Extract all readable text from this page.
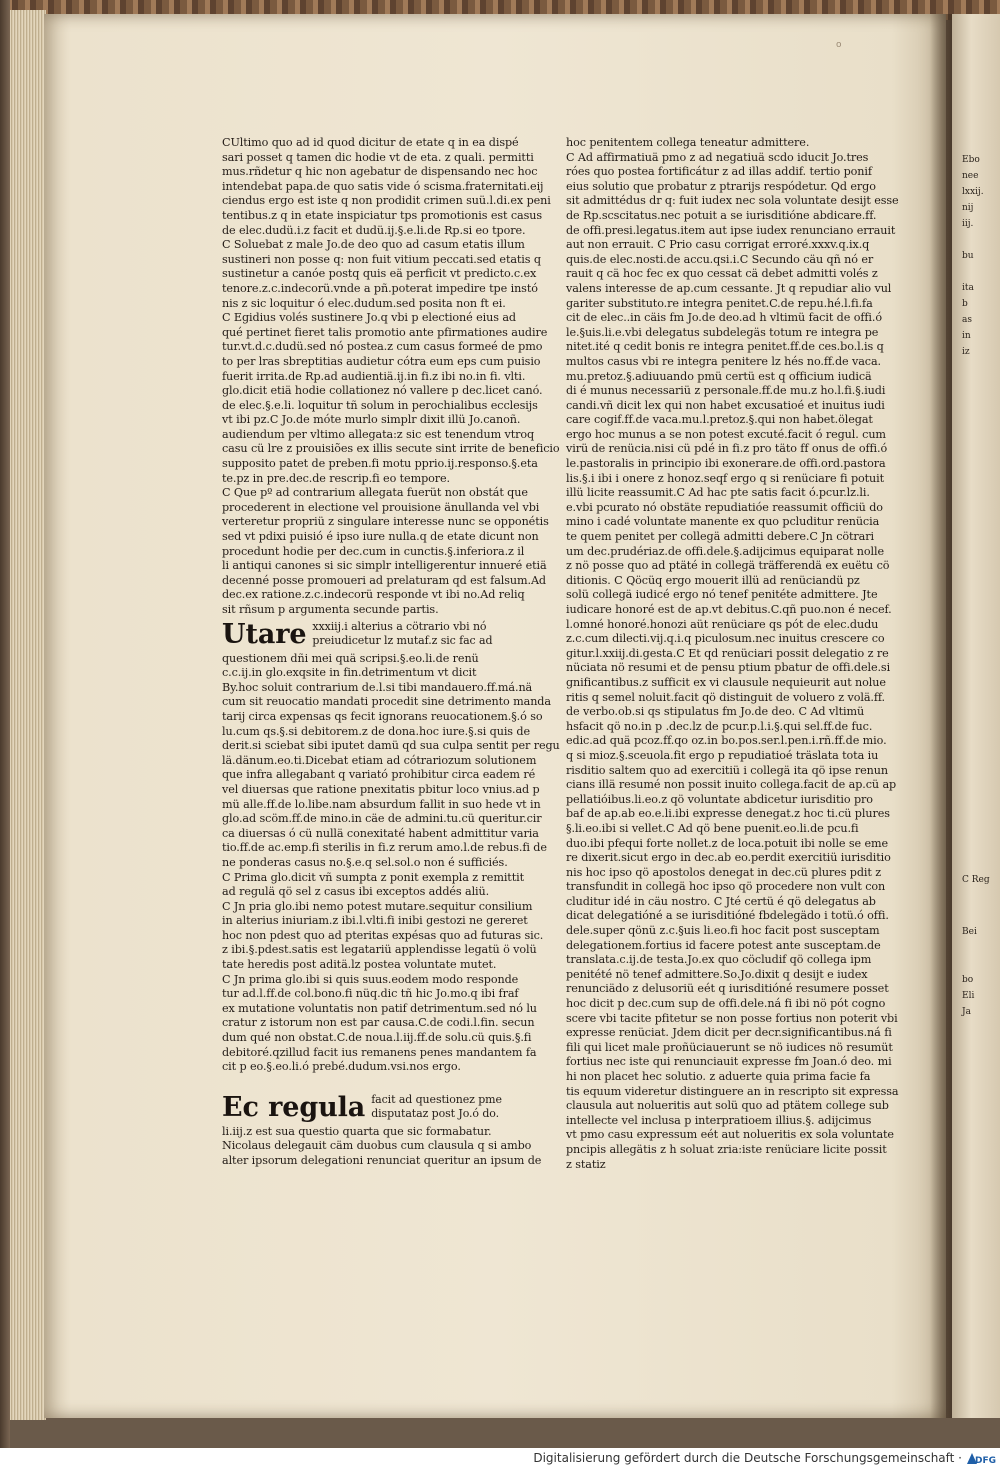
Ebo
nee
lxxij.
nij
iij.
bu
ita
b
as
in
iz
C Reg
Bei
bo
Eli
Ja
o
CUltimo quo ad id quod dicitur de etate q in ea dispé
sari posset q tamen dic hodie vt de eta. z quali. permitti
mus.rñdetur q hic non agebatur de dispensando nec hoc
intendebat papa.de quo satis vide ó scisma.fraternitati.eij
ciendus ergo est iste q non prodidit crimen suü.l.di.ex peni
tentibus.z q in etate inspiciatur tps promotionis est casus
de elec.dudü.i.z facit et dudü.ij.§.e.li.de Rp.si eo tpore.
C Soluebat z male Jo.de deo quo ad casum etatis illum
sustineri non posse q: non fuit vitium peccati.sed etatis q
sustinetur a canóe postq quis eä perficit vt predicto.c.ex
tenore.z.c.indecorü.vnde a pñ.poterat impedire tpe instó
nis z sic loquitur ó elec.dudum.sed posita non ft ei.
C Egidius volés sustinere Jo.q vbi p electioné eius ad
qué pertinet fieret talis promotio ante pfirmationes audire
tur.vt.d.c.dudü.sed nó postea.z cum casus formeé de pmo
to per lras sbreptitias audietur cótra eum eps cum puisio
fuerit irrita.de Rp.ad audientiä.ij.in fi.z ibi no.in fi. vlti.
glo.dicit etiä hodie collationez nó vallere p dec.licet canó.
de elec.§.e.li. loquitur tñ solum in perochialibus ecclesijs
vt ibi pz.C Jo.de móte murlo simplr dixit illü Jo.canoñ.
audiendum per vltimo allegata:z sic est tenendum vtroq
casu cü lre z prouisiões ex illis secute sint irrite de beneficio
supposito patet de preben.fi motu pprio.ij.responso.§.eta
te.pz in pre.dec.de rescrip.fi eo tempore.
C Que pº ad contrarium allegata fuerüt non obstát que
procederent in electione vel prouisione änullanda vel vbi
verteretur propriü z singulare interesse nunc se opponétis
sed vt pdixi puisió é ipso iure nulla.q de etate dicunt non
procedunt hodie per dec.cum in cunctis.§.inferiora.z il
li antiqui canones si sic simplr intelligerentur innueré etiä
decenné posse promoueri ad prelaturam qd est falsum.Ad
dec.ex ratione.z.c.indecorü responde vt ibi no.Ad reliq
sit rñsum p argumenta secunde partis.
Utare xxxiij.i alterius a cötrario vbi nó
preiudicetur lz mutaf.z sic fac ad
questionem dñi mei quä scripsi.§.eo.li.de renü
c.c.ij.in glo.exqsite in fin.detrimentum vt dicit
By.hoc soluit contrarium de.l.si tibi mandauero.ff.má.nä
cum sit reuocatio mandati procedit sine detrimento manda
tarij circa expensas qs fecit ignorans reuocationem.§.ó so
lu.cum qs.§.si debitorem.z de dona.hoc iure.§.si quis de
derit.si sciebat sibi iputet damü qd sua culpa sentit per regu
lä.dänum.eo.ti.Dicebat etiam ad cótrariozum solutionem
que infra allegabant q variató prohibitur circa eadem ré
vel diuersas que ratione pnexitatis pbitur loco vnius.ad p
mü alle.ff.de lo.libe.nam absurdum fallit in suo hede vt in
glo.ad scöm.ff.de mino.in cäe de admini.tu.cü queritur.cir
ca diuersas ó cü nullä conexitaté habent admittitur varia
tio.ff.de ac.emp.fi sterilis in fi.z rerum amo.l.de rebus.fi de
ne ponderas casus no.§.e.q sel.sol.o non é sufficiés.
C Prima glo.dicit vñ sumpta z ponit exempla z remittit
ad regulä qö sel z casus ibi exceptos addés aliü.
C Jn pria glo.ibi nemo potest mutare.sequitur consilium
in alterius iniuriam.z ibi.l.vlti.fi inibi gestozi ne gereret
hoc non pdest quo ad pteritas expésas quo ad futuras sic.
z ibi.§.pdest.satis est legatariü applendisse legatü ö volü
tate heredis post aditä.lz postea voluntate mutet.
C Jn prima glo.ibi si quis suus.eodem modo responde
tur ad.l.ff.de col.bono.fi nüq.dic tñ hic Jo.mo.q ibi fraf
ex mutatione voluntatis non patif detrimentum.sed nó lu
cratur z istorum non est par causa.C.de codi.l.fin. secun
dum qué non obstat.C.de noua.l.iij.ff.de solu.cü quis.§.fi
debitoré.qzillud facit ius remanens penes mandantem fa
cit p eo.§.eo.li.ó prebé.dudum.vsi.nos ergo.
Ec regula facit ad questionez pme
disputataz post Jo.ó do.
li.iij.z est sua questio quarta que sic formabatur.
Nicolaus delegauit cäm duobus cum clausula q si ambo
alter ipsorum delegationi renunciat queritur an ipsum de
hoc penitentem collega teneatur admittere.
C Ad affirmatiuä pmo z ad negatiuä scdo iducit Jo.tres
róes quo postea fortificátur z ad illas addif. tertio ponif
eius solutio que probatur z ptrarijs respódetur. Qd ergo
sit admittédus dr q: fuit iudex nec sola voluntate desijt esse
de Rp.scscitatus.nec potuit a se iurisditióne abdicare.ff.
de offi.presi.legatus.item aut ipse iudex renunciano errauit
aut non errauit. C Prio casu corrigat erroré.xxxv.q.ix.q
quis.de elec.nosti.de accu.qsi.i.C Secundo cäu qñ nó er
rauit q cä hoc fec ex quo cessat cä debet admitti volés z
valens interesse de ap.cum cessante. Jt q repudiar alio vul
gariter substituto.re integra penitet.C.de repu.hé.l.fi.fa
cit de elec..in cäis fm Jo.de deo.ad h vltimü facit de offi.ó
le.§uis.li.e.vbi delegatus subdelegäs totum re integra pe
nitet.ité q cedit bonis re integra penitet.ff.de ces.bo.l.is q
multos casus vbi re integra penitere lz hés no.ff.de vaca.
mu.pretoz.§.adiuuando pmü certü est q officium iudicä
di é munus necessariü z personale.ff.de mu.z ho.l.fi.§.iudi
candi.vñ dicit lex qui non habet excusatioé et inuitus iudi
care cogif.ff.de vaca.mu.l.pretoz.§.qui non habet.ölegat
ergo hoc munus a se non potest excuté.facit ó regul. cum
virü de renücia.nisi cü pdé in fi.z pro täto ff onus de offi.ó
le.pastoralis in principio ibi exonerare.de offi.ord.pastora
lis.§.i ibi i onere z honoz.seqf ergo q si renüciare fi potuit
illü licite reassumit.C Ad hac pte satis facit ó.pcur.lz.li.
e.vbi pcurato nó obstäte repudiatióe reassumit officiü do
mino i cadé voluntate manente ex quo pcluditur renücia
te quem penitet per collegä admitti debere.C Jn cötrari
um dec.prudériaz.de offi.dele.§.adijcimus equiparat nolle
z nö posse quo ad ptäté in collegä träfferendä ex euëtu cö
ditionis. C Qöcüq ergo mouerit illü ad renüciandü pz
solü collegä iudicé ergo nó tenef penitéte admittere. Jte
iudicare honoré est de ap.vt debitus.C.qñ puo.non é necef.
l.omné honoré.honozi aüt renüciare qs pót de elec.dudu
z.c.cum dilecti.vij.q.i.q piculosum.nec inuitus crescere co
gitur.l.xxiij.di.gesta.C Et qd renüciari possit delegatio z re
nüciata nö resumi et de pensu ptium pbatur de offi.dele.si
gnificantibus.z sufficit ex vi clausule nequieurit aut nolue
ritis q semel noluit.facit qö distinguit de voluero z volä.ff.
de verbo.ob.si qs stipulatus fm Jo.de deo. C Ad vltimü
hsfacit qö no.in p .dec.lz de pcur.p.l.i.§.qui sel.ff.de fuc.
edic.ad quä pcoz.ff.qo oz.in bo.pos.ser.l.pen.i.rñ.ff.de mio.
q si mioz.§.sceuola.fit ergo p repudiatioé träslata tota iu
risditio saltem quo ad exercitiü i collegä ita qö ipse renun
cians illä resumé non possit inuito collega.facit de ap.cü ap
pellatióibus.li.eo.z qö voluntate abdicetur iurisditio pro
baf de ap.ab eo.e.li.ibi expresse denegat.z hoc ti.cü plures
§.li.eo.ibi si vellet.C Ad qö bene puenit.eo.li.de pcu.fi
duo.ibi pfequi forte nollet.z de loca.potuit ibi nolle se eme
re dixerit.sicut ergo in dec.ab eo.perdit exercitiü iurisditio
nis hoc ipso qö apostolos denegat in dec.cü plures pdit z
transfundit in collegä hoc ipso qö procedere non vult con
cluditur idé in cäu nostro. C Jté certü é qö delegatus ab
dicat delegatióné a se iurisditióné fbdelegädo i totü.ó offi.
dele.super qönü z.c.§uis li.eo.fi hoc facit post susceptam
delegationem.fortius id facere potest ante susceptam.de
translata.c.ij.de testa.Jo.ex quo cöcludif qö collega ipm
penitété nö tenef admittere.So.Jo.dixit q desijt e iudex
renunciädo z delusoriü eét q iurisditióné resumere posset
hoc dicit p dec.cum sup de offi.dele.ná fi ibi nö pót cogno
scere vbi tacite pfitetur se non posse fortius non poterit vbi
expresse renüciat. Jdem dicit per decr.significantibus.ná fi
fili qui licet male proñüciauerunt se nö iudices nö resumüt
fortius nec iste qui renunciauit expresse fm Joan.ó deo. mi
hi non placet hec solutio. z aduerte quia prima facie fa
tis equum videretur distinguere an in rescripto sit expressa
clausula aut nolueritis aut solü quo ad ptätem college sub
intellecte vel inclusa p interpratioem illius.§. adijcimus
vt pmo casu expressum eét aut nolueritis ex sola voluntate
pncipis allegätis z h soluat zria:iste renüciare licite possit
z statiz
Digitalisierung gefördert durch die Deutsche Forschungsgemeinschaft · DFG
